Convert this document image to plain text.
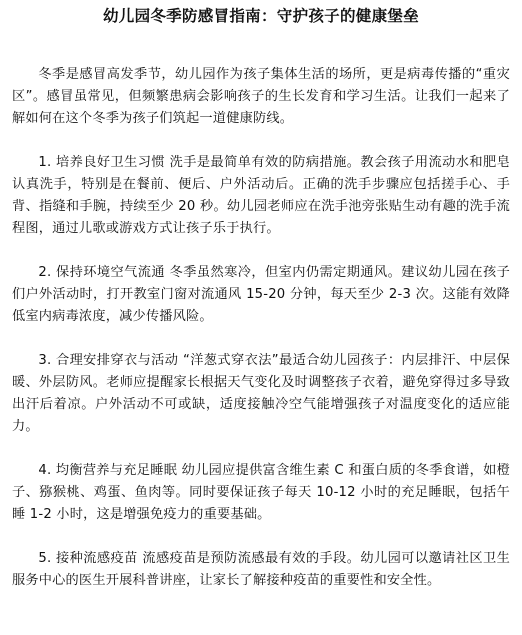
幼儿园冬季防感冒指南：守护孩子的健康堡垒

冬季是感冒高发季节，幼儿园作为孩子集体生活的场所，更是病毒传播的“重灾区”。感冒虽常见，但频繁患病会影响孩子的生长发育和学习生活。让我们一起来了解如何在这个冬季为孩子们筑起一道健康防线。

1. 培养良好卫生习惯 洗手是最简单有效的防病措施。教会孩子用流动水和肥皂认真洗手，特别是在餐前、便后、户外活动后。正确的洗手步骤应包括搓手心、手背、指缝和手腕，持续至少 20 秒。幼儿园老师应在洗手池旁张贴生动有趣的洗手流程图，通过儿歌或游戏方式让孩子乐于执行。

2. 保持环境空气流通 冬季虽然寒冷，但室内仍需定期通风。建议幼儿园在孩子们户外活动时，打开教室门窗对流通风 15-20 分钟，每天至少 2-3 次。这能有效降低室内病毒浓度，减少传播风险。

3. 合理安排穿衣与活动 “洋葱式穿衣法”最适合幼儿园孩子：内层排汗、中层保暖、外层防风。老师应提醒家长根据天气变化及时调整孩子衣着，避免穿得过多导致出汗后着凉。户外活动不可或缺，适度接触冷空气能增强孩子对温度变化的适应能力。

4. 均衡营养与充足睡眠 幼儿园应提供富含维生素 C 和蛋白质的冬季食谱，如橙子、猕猴桃、鸡蛋、鱼肉等。同时要保证孩子每天 10-12 小时的充足睡眠，包括午睡 1-2 小时，这是增强免疫力的重要基础。

5. 接种流感疫苗 流感疫苗是预防流感最有效的手段。幼儿园可以邀请社区卫生服务中心的医生开展科普讲座，让家长了解接种疫苗的重要性和安全性。
